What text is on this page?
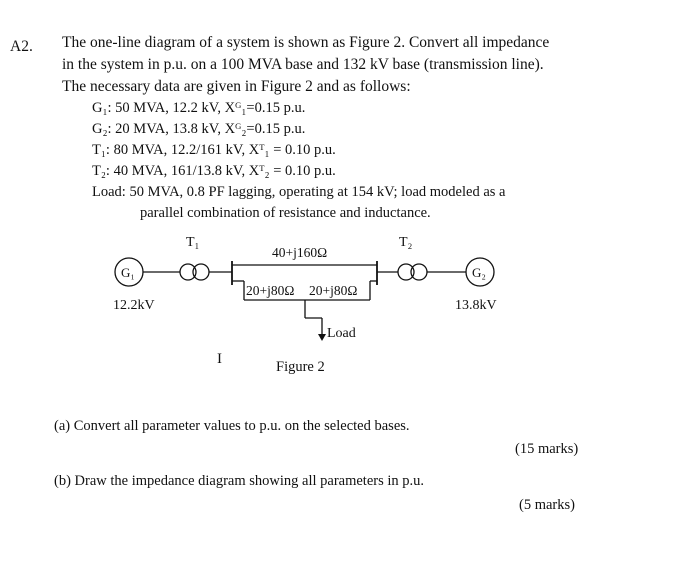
A2. The one-line diagram of a system is shown as Figure 2. Convert all impedance
in the system in p.u. on a 100 MVA base and 132 kV base (transmission line).
The necessary data are given in Figure 2 and as follows:
G₁: 50 MVA, 12.2 kV, Xᴳ₁=0.15 p.u.
G₂: 20 MVA, 13.8 kV, Xᴳ₂=0.15 p.u.
T₁: 80 MVA, 12.2/161 kV, Xᵀ₁ = 0.10 p.u.
T₂: 40 MVA, 161/13.8 kV, Xᵀ₂ = 0.10 p.u.
Load: 50 MVA, 0.8 PF lagging, operating at 154 kV; load modeled as a
parallel combination of resistance and inductance.
T₁	T₂
G₁	G₂
40+j160Ω
20+j80Ω 20+j80Ω
12.2kV	13.8kV
Load
I	Figure 2
(a) Convert all parameter values to p.u. on the selected bases.
(15 marks)
(b) Draw the impedance diagram showing all parameters in p.u.
(5 marks)
